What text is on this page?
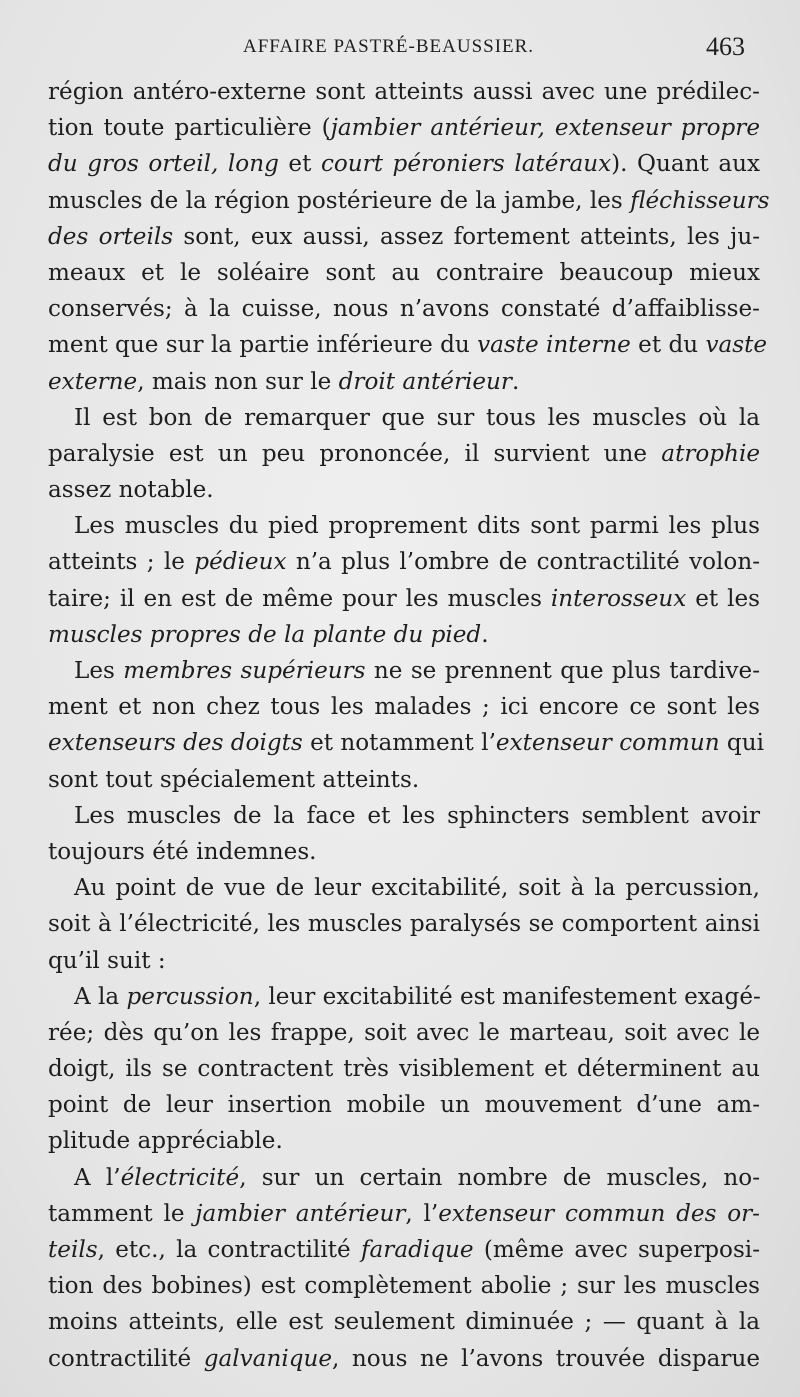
AFFAIRE PASTRÉ-BEAUSSIER.	463
région antéro-externe sont atteints aussi avec une prédilec-
tion toute particulière (jambier antérieur, extenseur propre
du gros orteil, long et court péroniers latéraux). Quant aux
muscles de la région postérieure de la jambe, les fléchisseurs
des orteils sont, eux aussi, assez fortement atteints, les ju-
meaux et le soléaire sont au contraire beaucoup mieux
conservés; à la cuisse, nous n’avons constaté d’affaiblisse-
ment que sur la partie inférieure du vaste interne et du vaste
externe, mais non sur le droit antérieur.
Il est bon de remarquer que sur tous les muscles où la
paralysie est un peu prononcée, il survient une atrophie
assez notable.
Les muscles du pied proprement dits sont parmi les plus
atteints ; le pédieux n’a plus l’ombre de contractilité volon-
taire; il en est de même pour les muscles interosseux et les
muscles propres de la plante du pied.
Les membres supérieurs ne se prennent que plus tardive-
ment et non chez tous les malades ; ici encore ce sont les
extenseurs des doigts et notamment l’extenseur commun qui
sont tout spécialement atteints.
Les muscles de la face et les sphincters semblent avoir
toujours été indemnes.
Au point de vue de leur excitabilité, soit à la percussion,
soit à l’électricité, les muscles paralysés se comportent ainsi
qu’il suit :
A la percussion, leur excitabilité est manifestement exagé-
rée; dès qu’on les frappe, soit avec le marteau, soit avec le
doigt, ils se contractent très visiblement et déterminent au
point de leur insertion mobile un mouvement d’une am-
plitude appréciable.
A l’électricité, sur un certain nombre de muscles, no-
tamment le jambier antérieur, l’extenseur commun des or-
teils, etc., la contractilité faradique (même avec superposi-
tion des bobines) est complètement abolie ; sur les muscles
moins atteints, elle est seulement diminuée ; — quant à la
contractilité galvanique, nous ne l’avons trouvée disparue
